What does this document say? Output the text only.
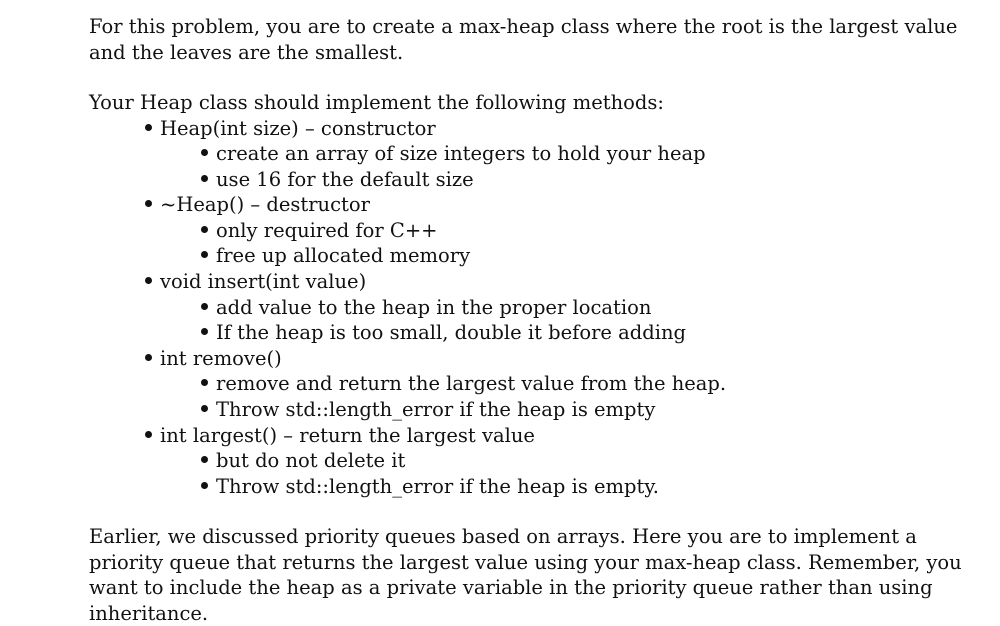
For this problem, you are to create a max-heap class where the root is the largest value and the leaves are the smallest.

Your Heap class should implement the following methods:

Heap(int size) – constructor
create an array of size integers to hold your heap
use 16 for the default size
~Heap() – destructor
only required for C++
free up allocated memory
void insert(int value)
add value to the heap in the proper location
If the heap is too small, double it before adding
int remove()
remove and return the largest value from the heap.
Throw std::length_error if the heap is empty
int largest() – return the largest value
but do not delete it
Throw std::length_error if the heap is empty.

Earlier, we discussed priority queues based on arrays. Here you are to implement a priority queue that returns the largest value using your max-heap class. Remember, you want to include the heap as a private variable in the priority queue rather than using inheritance.
